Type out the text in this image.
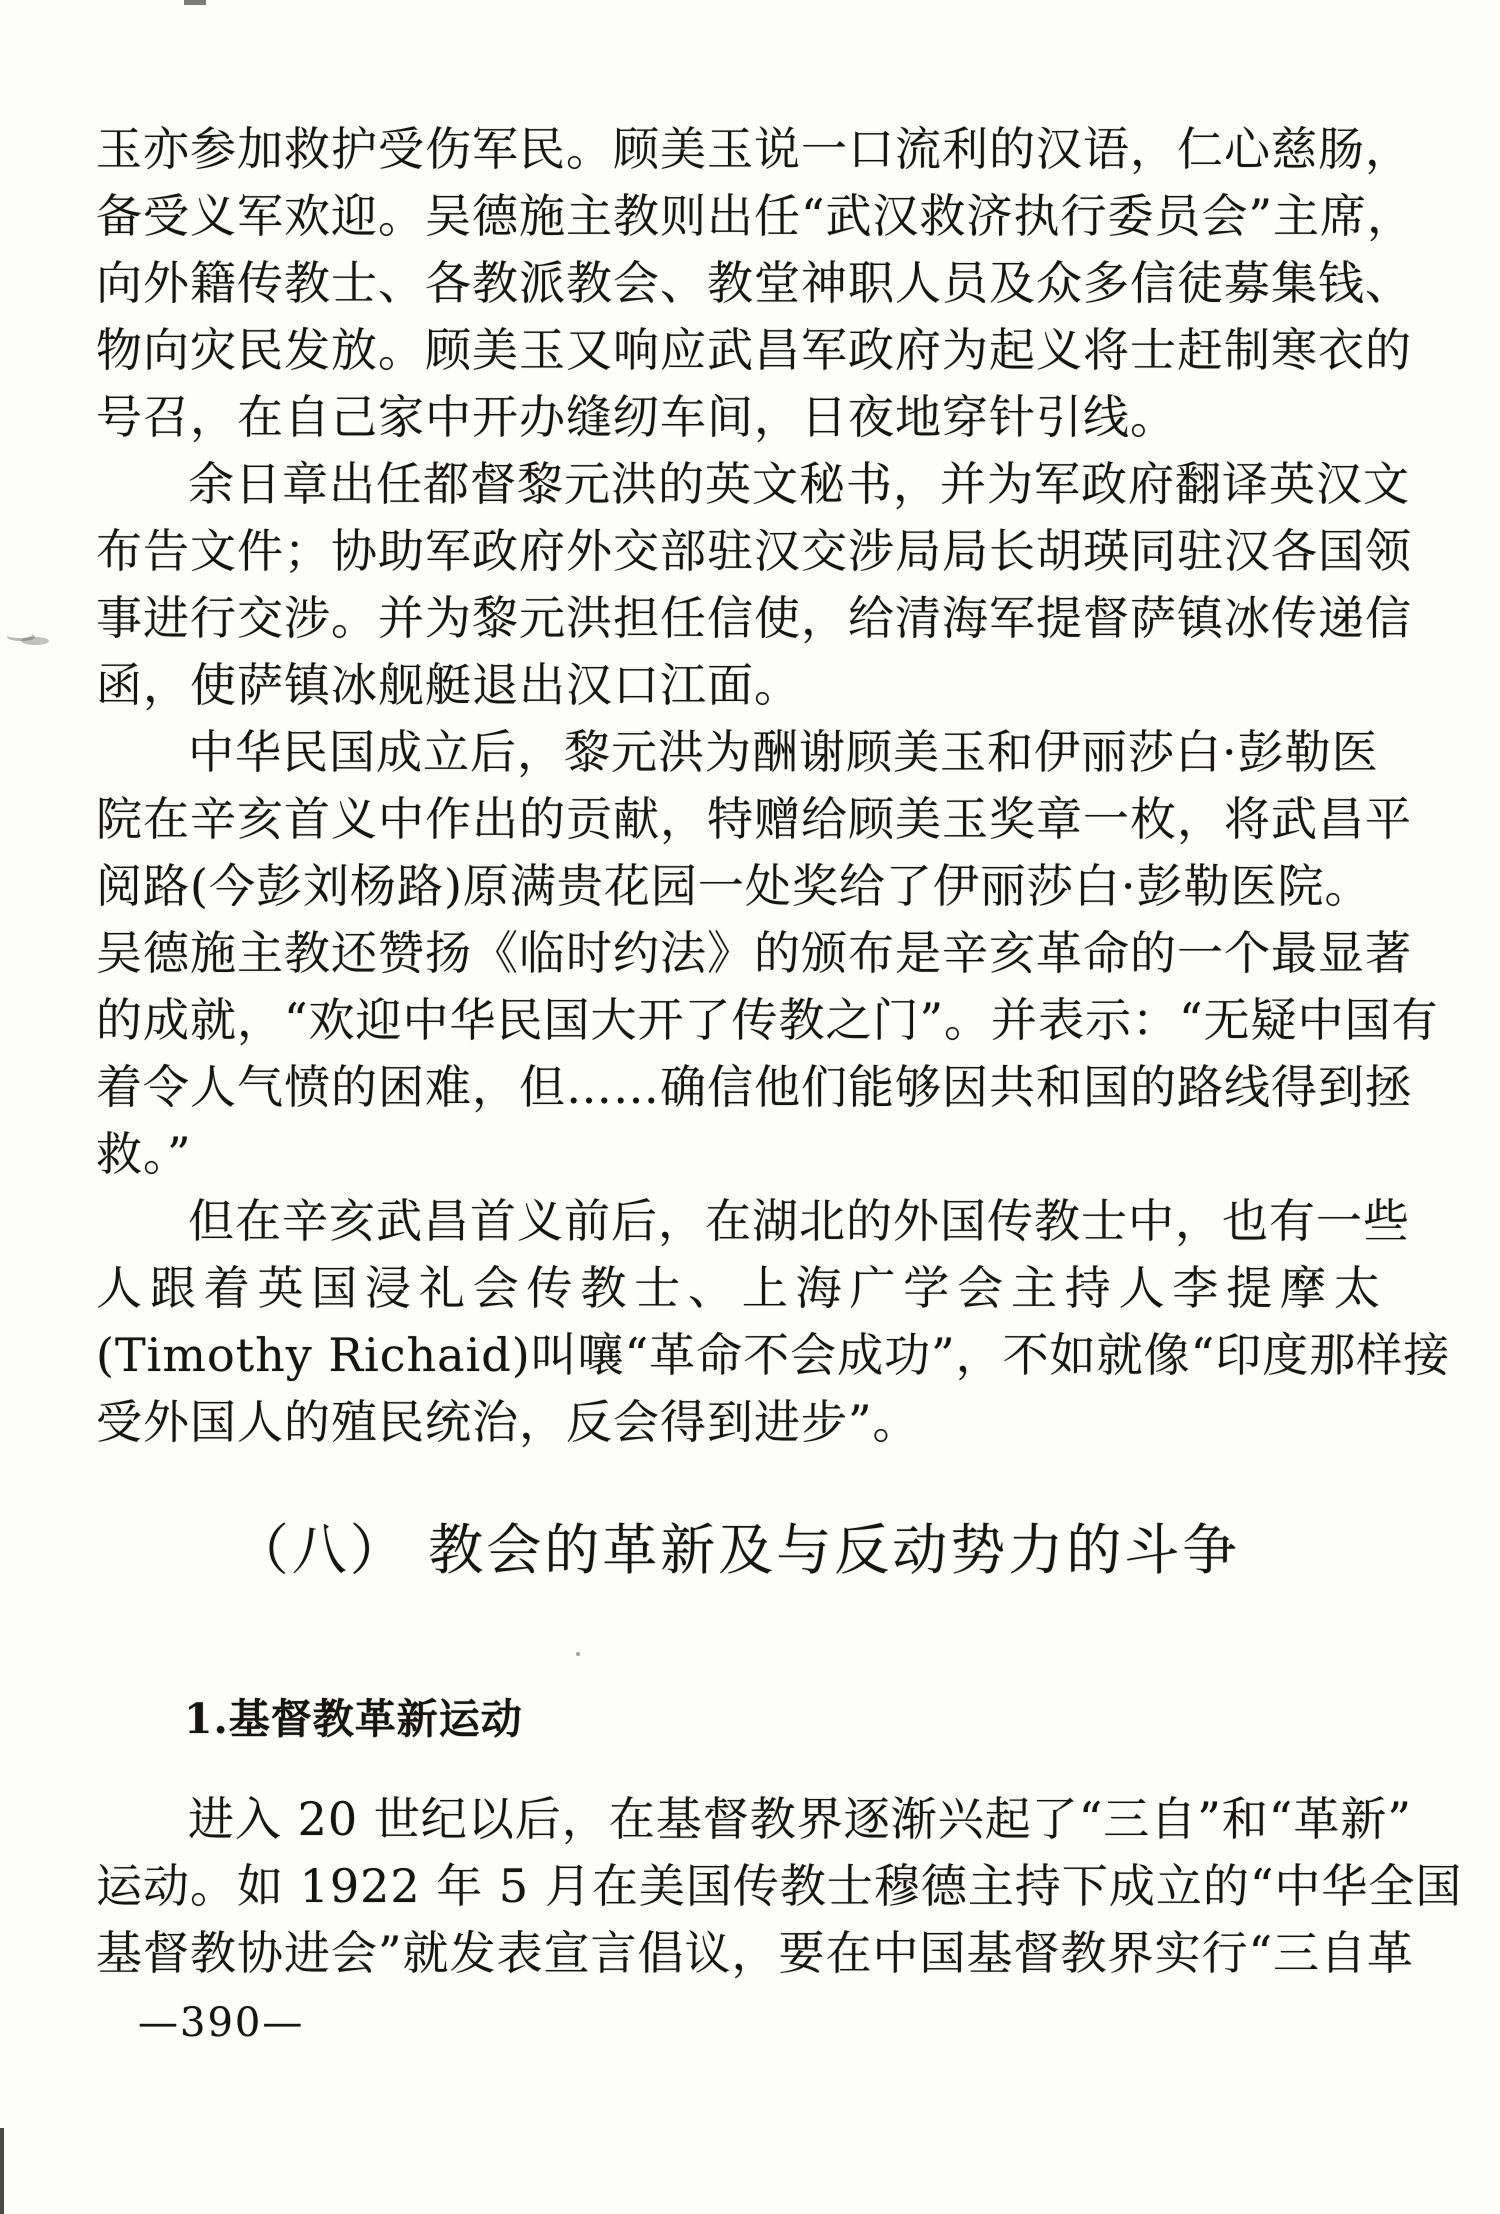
玉亦参加救护受伤军民。顾美玉说一口流利的汉语，仁心慈肠，
备受义军欢迎。吴德施主教则出任“武汉救济执行委员会”主席，
向外籍传教士、各教派教会、教堂神职人员及众多信徒募集钱、
物向灾民发放。顾美玉又响应武昌军政府为起义将士赶制寒衣的
号召，在自己家中开办缝纫车间，日夜地穿针引线。
余日章出任都督黎元洪的英文秘书，并为军政府翻译英汉文
布告文件；协助军政府外交部驻汉交涉局局长胡瑛同驻汉各国领
事进行交涉。并为黎元洪担任信使，给清海军提督萨镇冰传递信
函，使萨镇冰舰艇退出汉口江面。
中华民国成立后，黎元洪为酬谢顾美玉和伊丽莎白·彭勒医
院在辛亥首义中作出的贡献，特赠给顾美玉奖章一枚，将武昌平
阅路(今彭刘杨路)原满贵花园一处奖给了伊丽莎白·彭勒医院。
吴德施主教还赞扬《临时约法》的颁布是辛亥革命的一个最显著
的成就，“欢迎中华民国大开了传教之门”。并表示：“无疑中国有
着令人气愤的困难，但……确信他们能够因共和国的路线得到拯
救。”
但在辛亥武昌首义前后，在湖北的外国传教士中，也有一些
人跟着英国浸礼会传教士、上海广学会主持人李提摩太
(Timothy Richaid)叫嚷“革命不会成功”，不如就像“印度那样接
受外国人的殖民统治，反会得到进步”。
（八） 教会的革新及与反动势力的斗争
1.基督教革新运动
进入 20 世纪以后，在基督教界逐渐兴起了“三自”和“革新”
运动。如 1922 年 5 月在美国传教士穆德主持下成立的“中华全国
基督教协进会”就发表宣言倡议，要在中国基督教界实行“三自革
—390—
